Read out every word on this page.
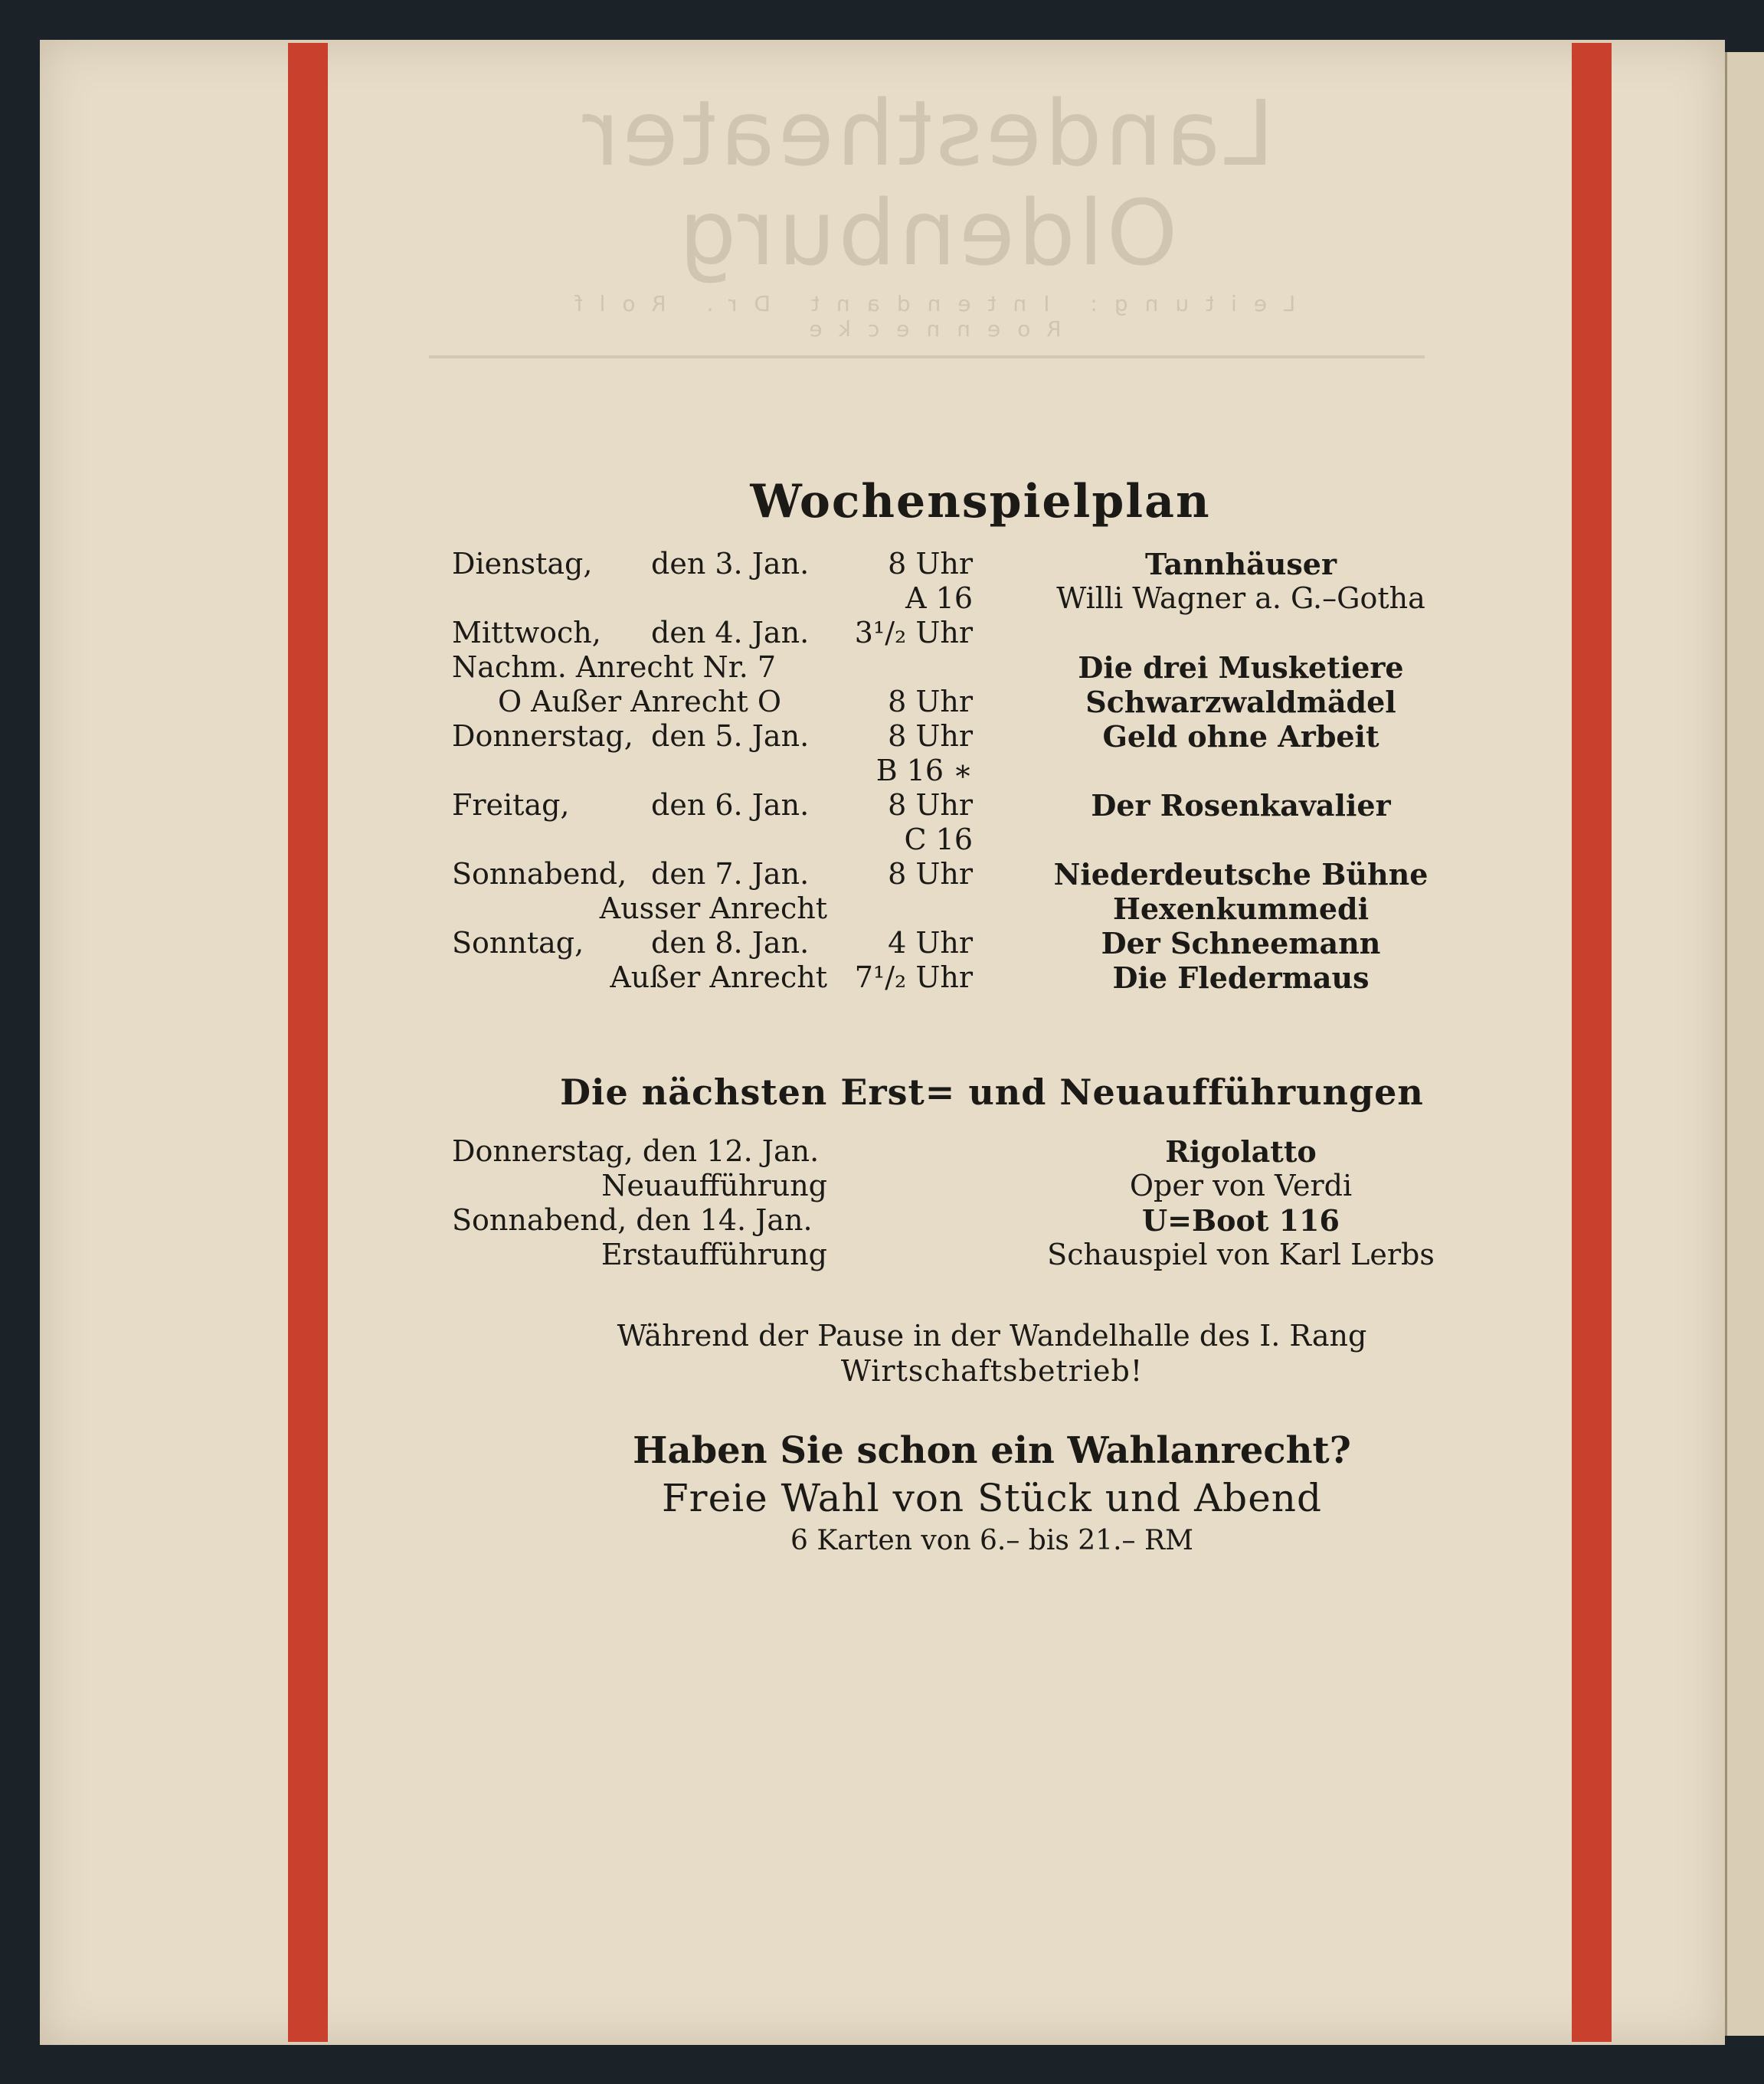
Landestheater Oldenburg
Leitung: Intendant Dr. Rolf Roennecke
Wochenspielplan
Dienstag, den 3. Jan.	8 Uhr	Tannhäuser
A 16	Willi Wagner a. G.–Gotha
Mittwoch, den 4. Jan. 3¹/₂ Uhr
Nachm. Anrecht Nr. 7	Die drei Musketiere
O Außer Anrecht O	8 Uhr	Schwarzwaldmädel
Donnerstag, den 5. Jan.	8 Uhr	Geld ohne Arbeit
B 16 ∗
Freitag,	den 6. Jan.	8 Uhr	Der Rosenkavalier
C 16
Sonnabend, den 7. Jan.	8 Uhr	Niederdeutsche Bühne
Ausser Anrecht	Hexenkummedi
Sonntag, den 8. Jan.	4 Uhr	Der Schneemann
Außer Anrecht 7¹/₂ Uhr	Die Fledermaus
Die nächsten Erst= und Neuaufführungen
Donnerstag, den 12. Jan.	Rigolatto
Neuaufführung	Oper von Verdi
Sonnabend, den 14. Jan.	U=Boot 116
Erstaufführung	Schauspiel von Karl Lerbs
Während der Pause in der Wandelhalle des I. Rang
Wirtschaftsbetrieb!
Haben Sie schon ein Wahlanrecht?
Freie Wahl von Stück und Abend
6 Karten von 6.– bis 21.– RM
